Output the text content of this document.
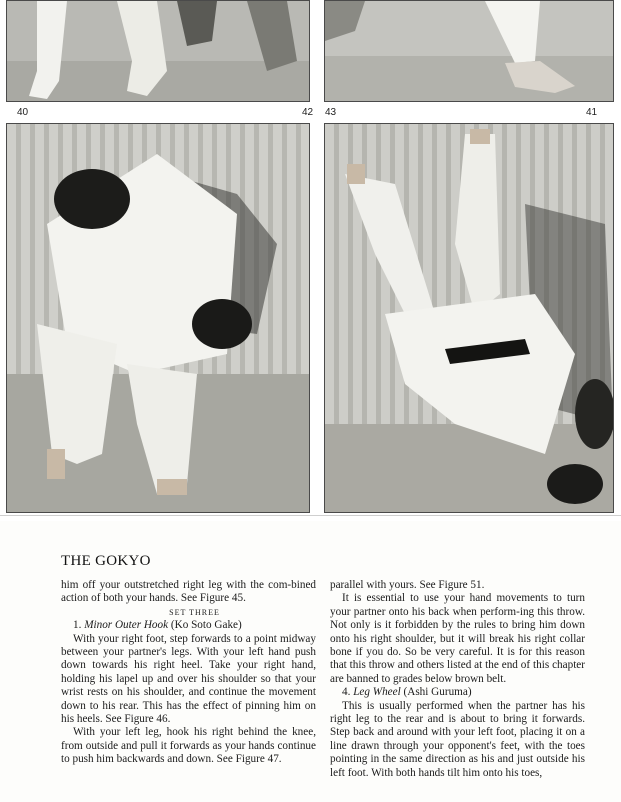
40	42 43	41
THE GOKYO

him off your outstretched right leg with the com-bined action of both your hands. See Figure 45.

SET THREE

1. Minor Outer Hook (Ko Soto Gake)

With your right foot, step forwards to a point midway between your partner's legs. With your left hand push down towards his right heel. Take your right hand, holding his lapel up and over his shoulder so that your wrist rests on his shoulder, and continue the movement down to his rear. This has the effect of pinning him on his heels. See Figure 46.

With your left leg, hook his right behind the knee, from outside and pull it forwards as your hands continue to push him backwards and down. See Figure 47.

parallel with yours. See Figure 51.

It is essential to use your hand movements to turn your partner onto his back when perform-ing this throw. Not only is it forbidden by the rules to bring him down onto his right shoulder, but it will break his right collar bone if you do. So be very careful. It is for this reason that this throw and others listed at the end of this chapter are banned to grades below brown belt.

4. Leg Wheel (Ashi Guruma)

This is usually performed when the partner has his right leg to the rear and is about to bring it forwards. Step back and around with your left foot, placing it on a line drawn through your opponent's feet, with the toes pointing in the same direction as his and just outside his left foot. With both hands tilt him onto his toes,
